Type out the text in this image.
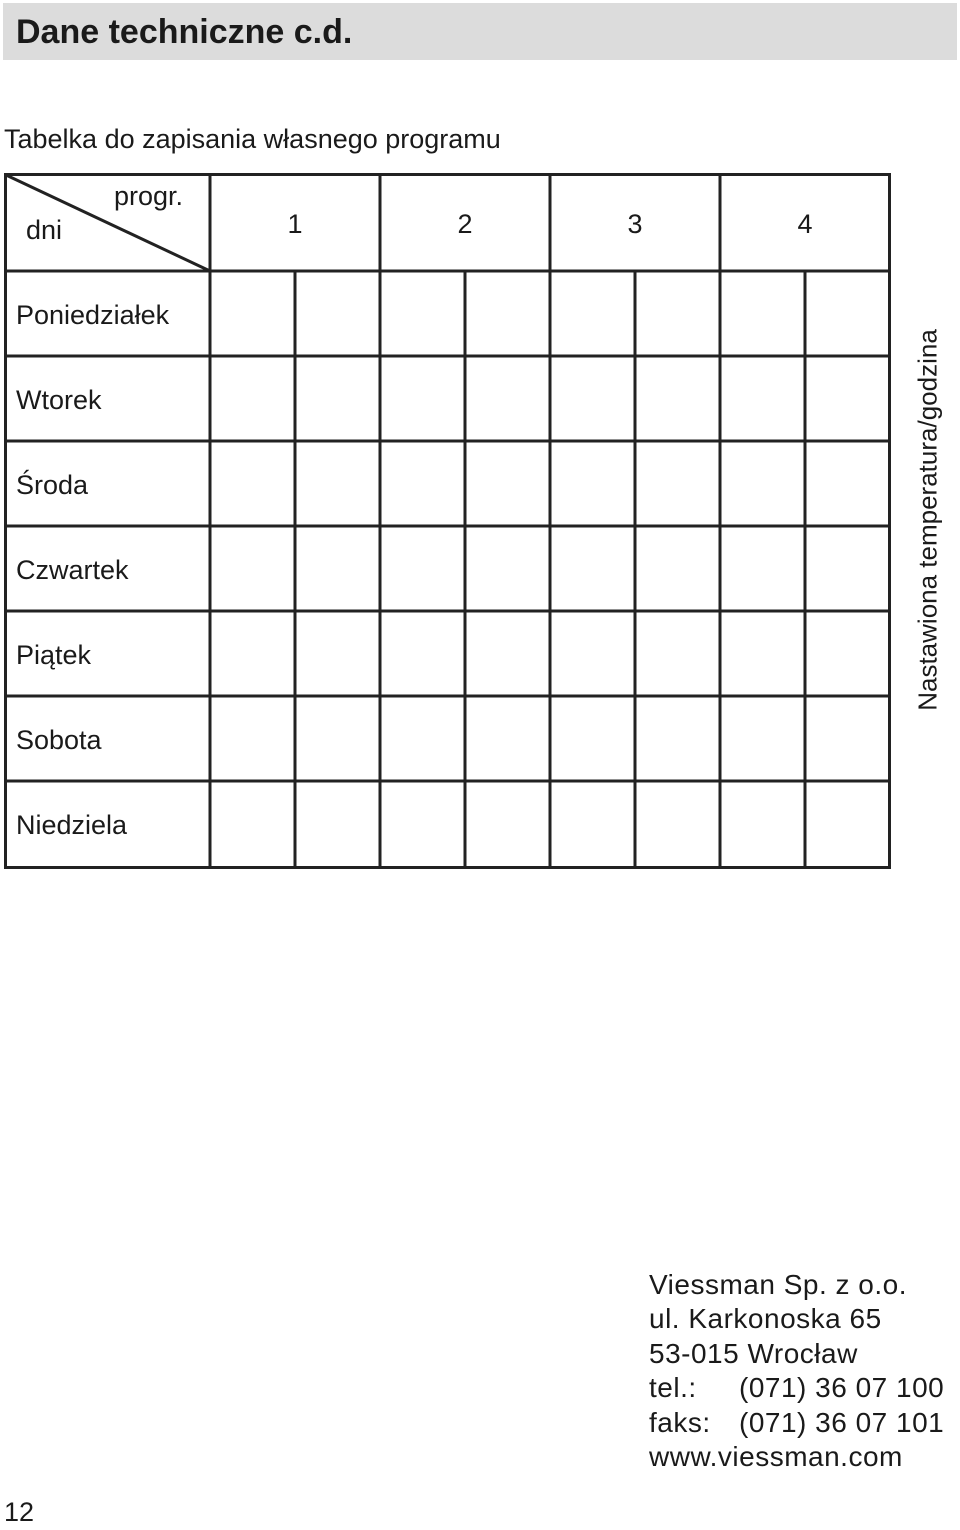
Dane techniczne c.d.
Tabelka do zapisania własnego programu
progr.
dni	1	2	3	4
Poniedziałek
Wtorek
Środa
Czwartek
Piątek
Sobota
Niedziela
Nastawiona temperatura/godzina
Viessman Sp. z o.o.
ul. Karkonoska 65
53-015 Wrocław
tel.: (071) 36 07 100
faks: (071) 36 07 101
www.viessman.com
12
